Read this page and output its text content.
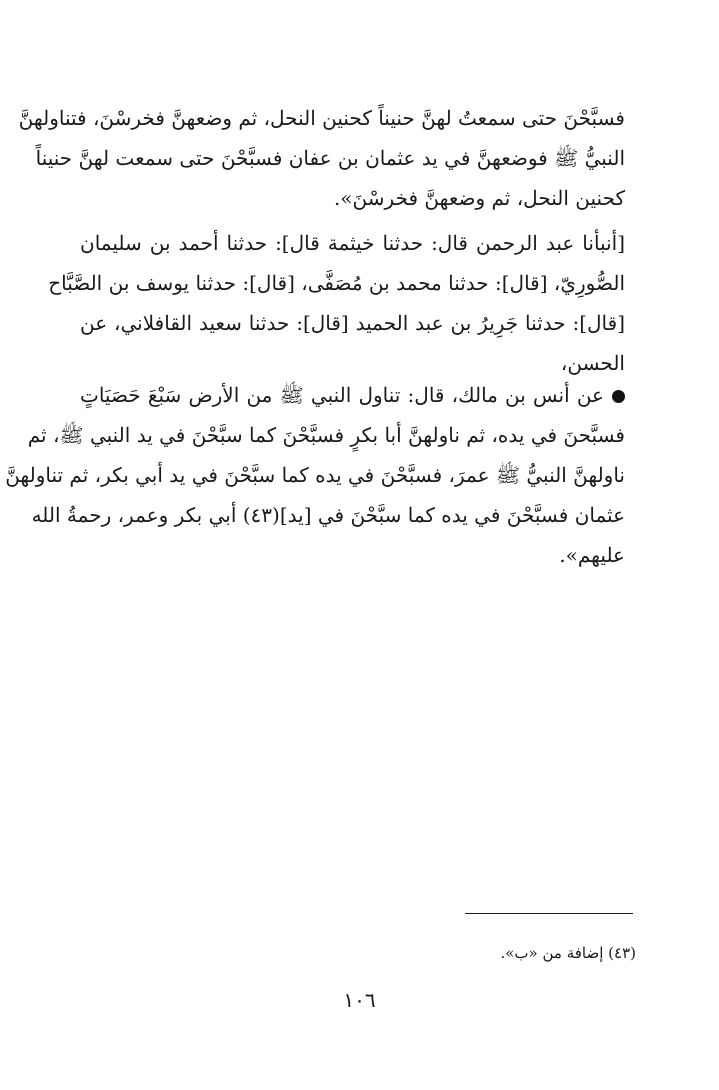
فسبَّحْنَ حتى سمعتُ لهنَّ حنيناً كحنين النحل، ثم وضعهنَّ فخرسْنَ، فتناولهنَّ
النبيُّ ﷺ فوضعهنَّ في يد عثمان بن عفان فسبَّحْنَ حتى سمعت لهنَّ حنيناً
كحنين النحل، ثم وضعهنَّ فخرسْنَ».
[أنبأنا عبد الرحمن قال: حدثنا خيثمة قال]: حدثنا أحمد بن سليمان
الصُّورِيّ، [قال]: حدثنا محمد بن مُصَفَّى، [قال]: حدثنا يوسف بن الصَّبَّاح
[قال]: حدثنا جَرِيرُ بن عبد الحميد [قال]: حدثنا سعيد القافلاني، عن
الحسن،
عن أنس بن مالك، قال: تناول النبي ﷺ من الأرض سَبْعَ حَصَيَاتٍ
فسبَّحنَ في يده، ثم ناولهنَّ أبا بكرٍ فسبَّحْنَ كما سبَّحْنَ في يد النبي ﷺ، ثم
ناولهنَّ النبيُّ ﷺ عمرَ، فسبَّحْنَ في يده كما سبَّحْنَ في يد أبي بكر، ثم تناولهنَّ
عثمان فسبَّحْنَ في يده كما سبَّحْنَ في [يد](٤٣) أبي بكر وعمر، رحمةُ الله
عليهم».
(٤٣) إضافة من «ب».
١٠٦
